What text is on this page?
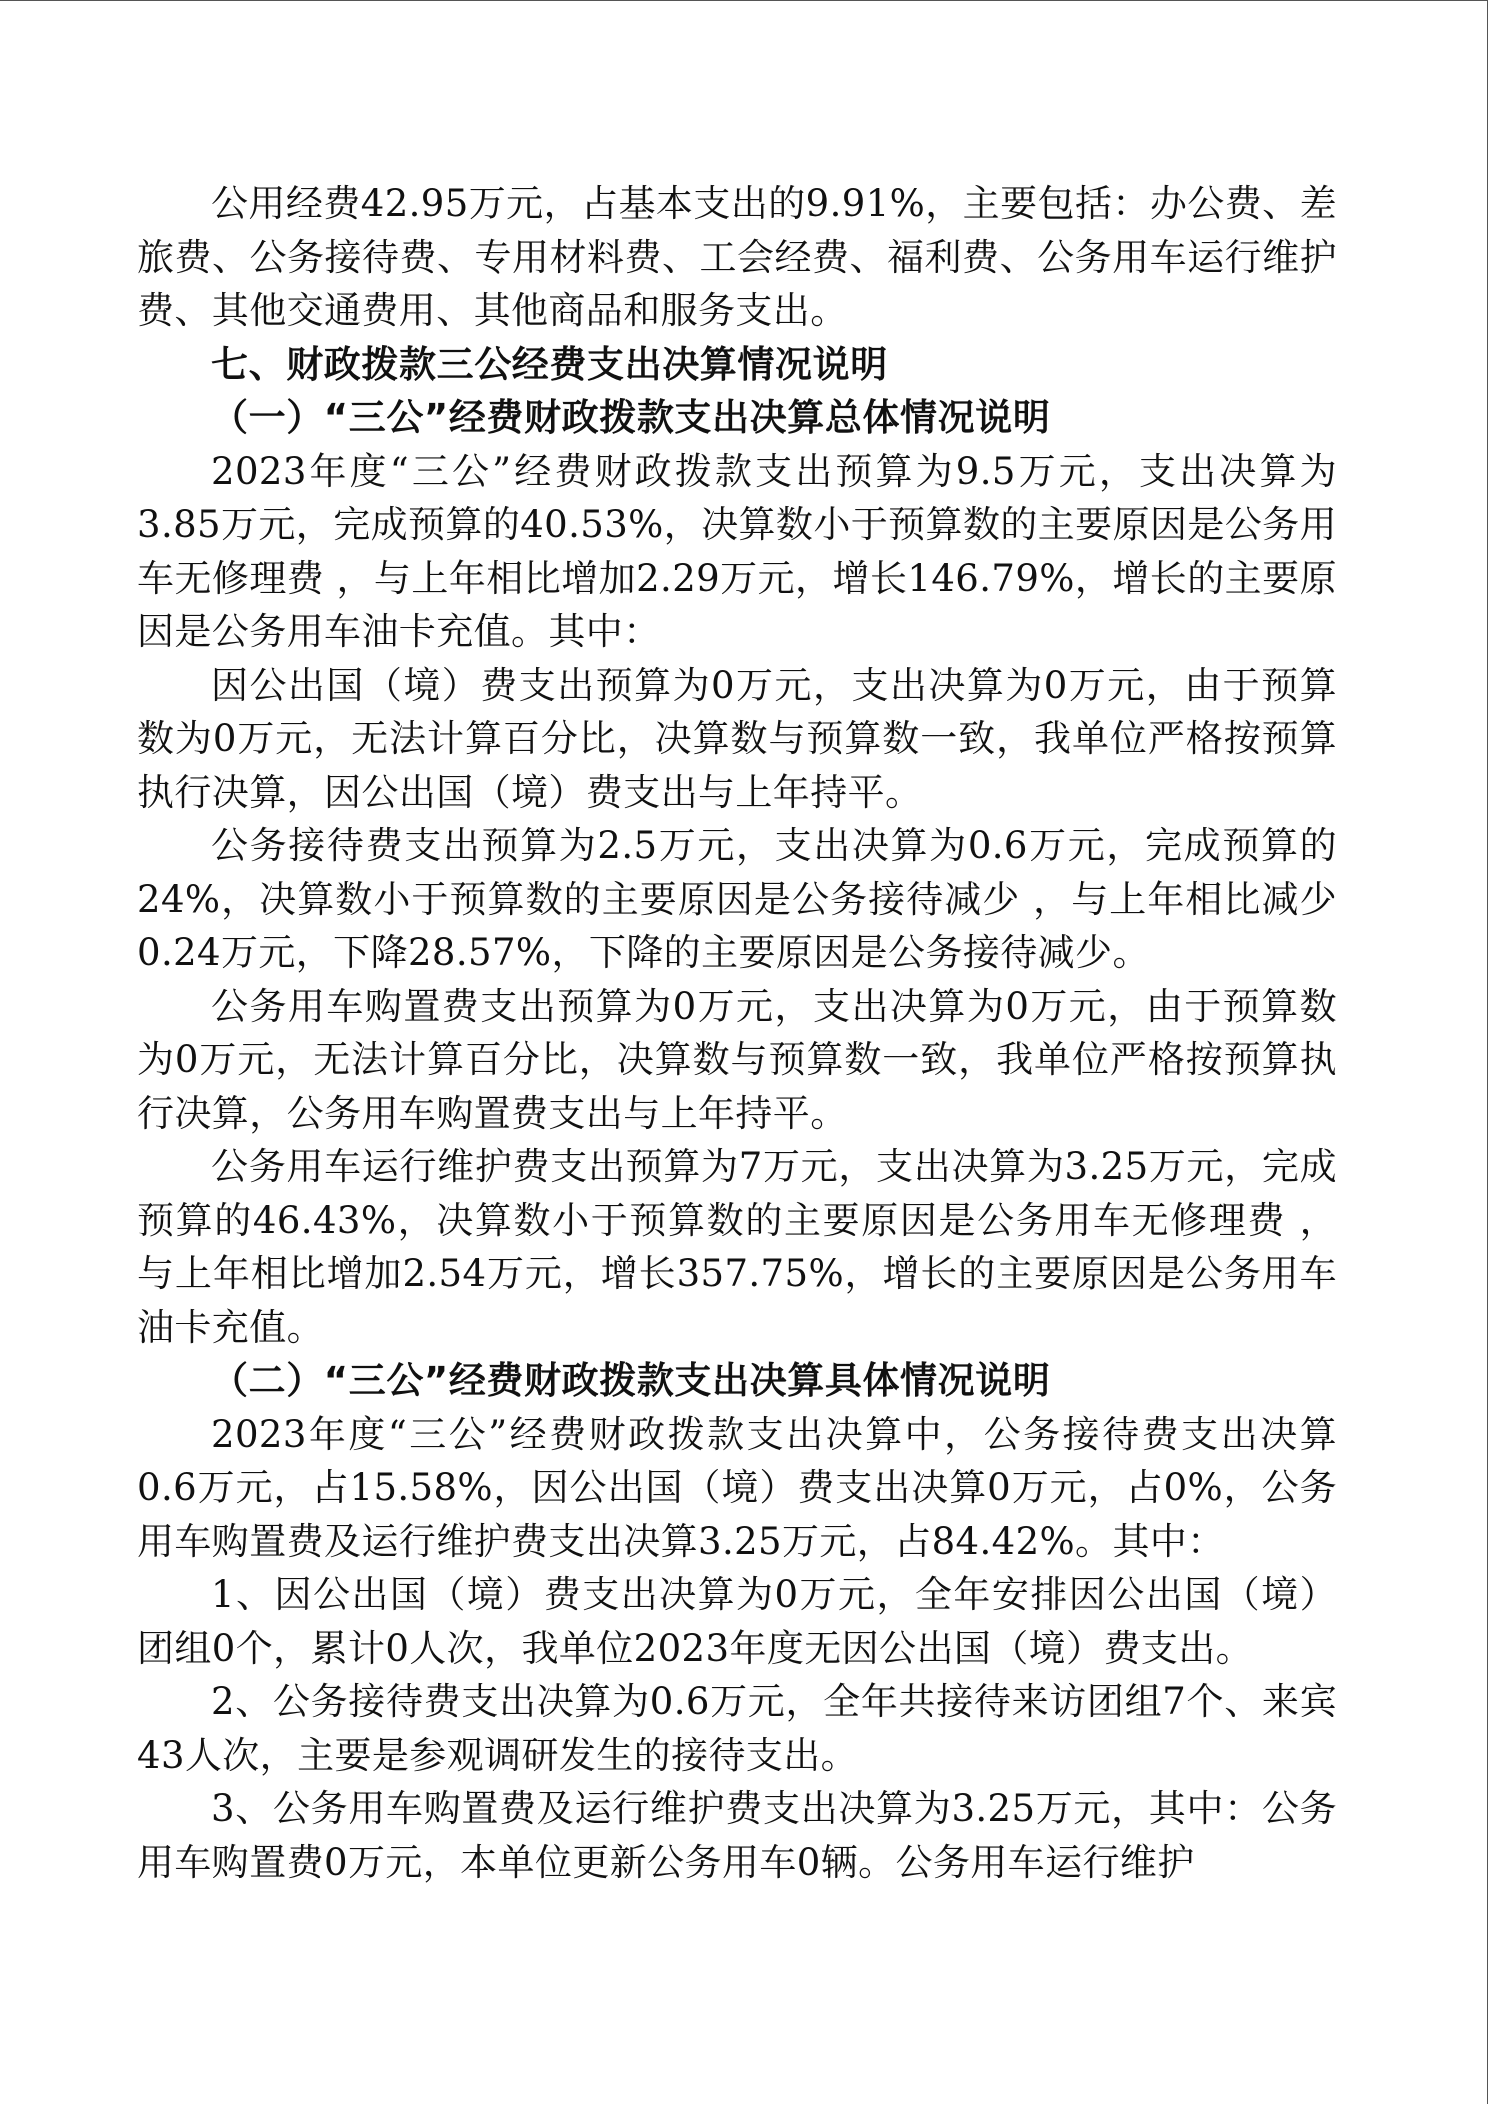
公用经费42.95万元，占基本支出的9.91%，主要包括：办公费、差旅费、公务接待费、专用材料费、工会经费、福利费、公务用车运行维护费、其他交通费用、其他商品和服务支出。

七、财政拨款三公经费支出决算情况说明

（一）“三公”经费财政拨款支出决算总体情况说明

2023年度“三公”经费财政拨款支出预算为9.5万元，支出决算为3.85万元，完成预算的40.53%，决算数小于预算数的主要原因是公务用车无修理费 ，与上年相比增加2.29万元，增长146.79%，增长的主要原因是公务用车油卡充值。其中：

因公出国（境）费支出预算为0万元，支出决算为0万元，由于预算数为0万元，无法计算百分比，决算数与预算数一致，我单位严格按预算执行决算，因公出国（境）费支出与上年持平。

公务接待费支出预算为2.5万元，支出决算为0.6万元，完成预算的24%，决算数小于预算数的主要原因是公务接待减少 ，与上年相比减少0.24万元，下降28.57%，下降的主要原因是公务接待减少。

公务用车购置费支出预算为0万元，支出决算为0万元，由于预算数为0万元，无法计算百分比，决算数与预算数一致，我单位严格按预算执行决算，公务用车购置费支出与上年持平。

公务用车运行维护费支出预算为7万元，支出决算为3.25万元，完成预算的46.43%，决算数小于预算数的主要原因是公务用车无修理费 ，与上年相比增加2.54万元，增长357.75%，增长的主要原因是公务用车油卡充值。

（二）“三公”经费财政拨款支出决算具体情况说明

2023年度“三公”经费财政拨款支出决算中，公务接待费支出决算0.6万元，占15.58%，因公出国（境）费支出决算0万元，占0%，公务用车购置费及运行维护费支出决算3.25万元，占84.42%。其中：

1、因公出国（境）费支出决算为0万元，全年安排因公出国（境）团组0个，累计0人次，我单位2023年度无因公出国（境）费支出。

2、公务接待费支出决算为0.6万元，全年共接待来访团组7个、来宾43人次，主要是参观调研发生的接待支出。

3、公务用车购置费及运行维护费支出决算为3.25万元，其中：公务用车购置费0万元，本单位更新公务用车0辆。公务用车运行维护
